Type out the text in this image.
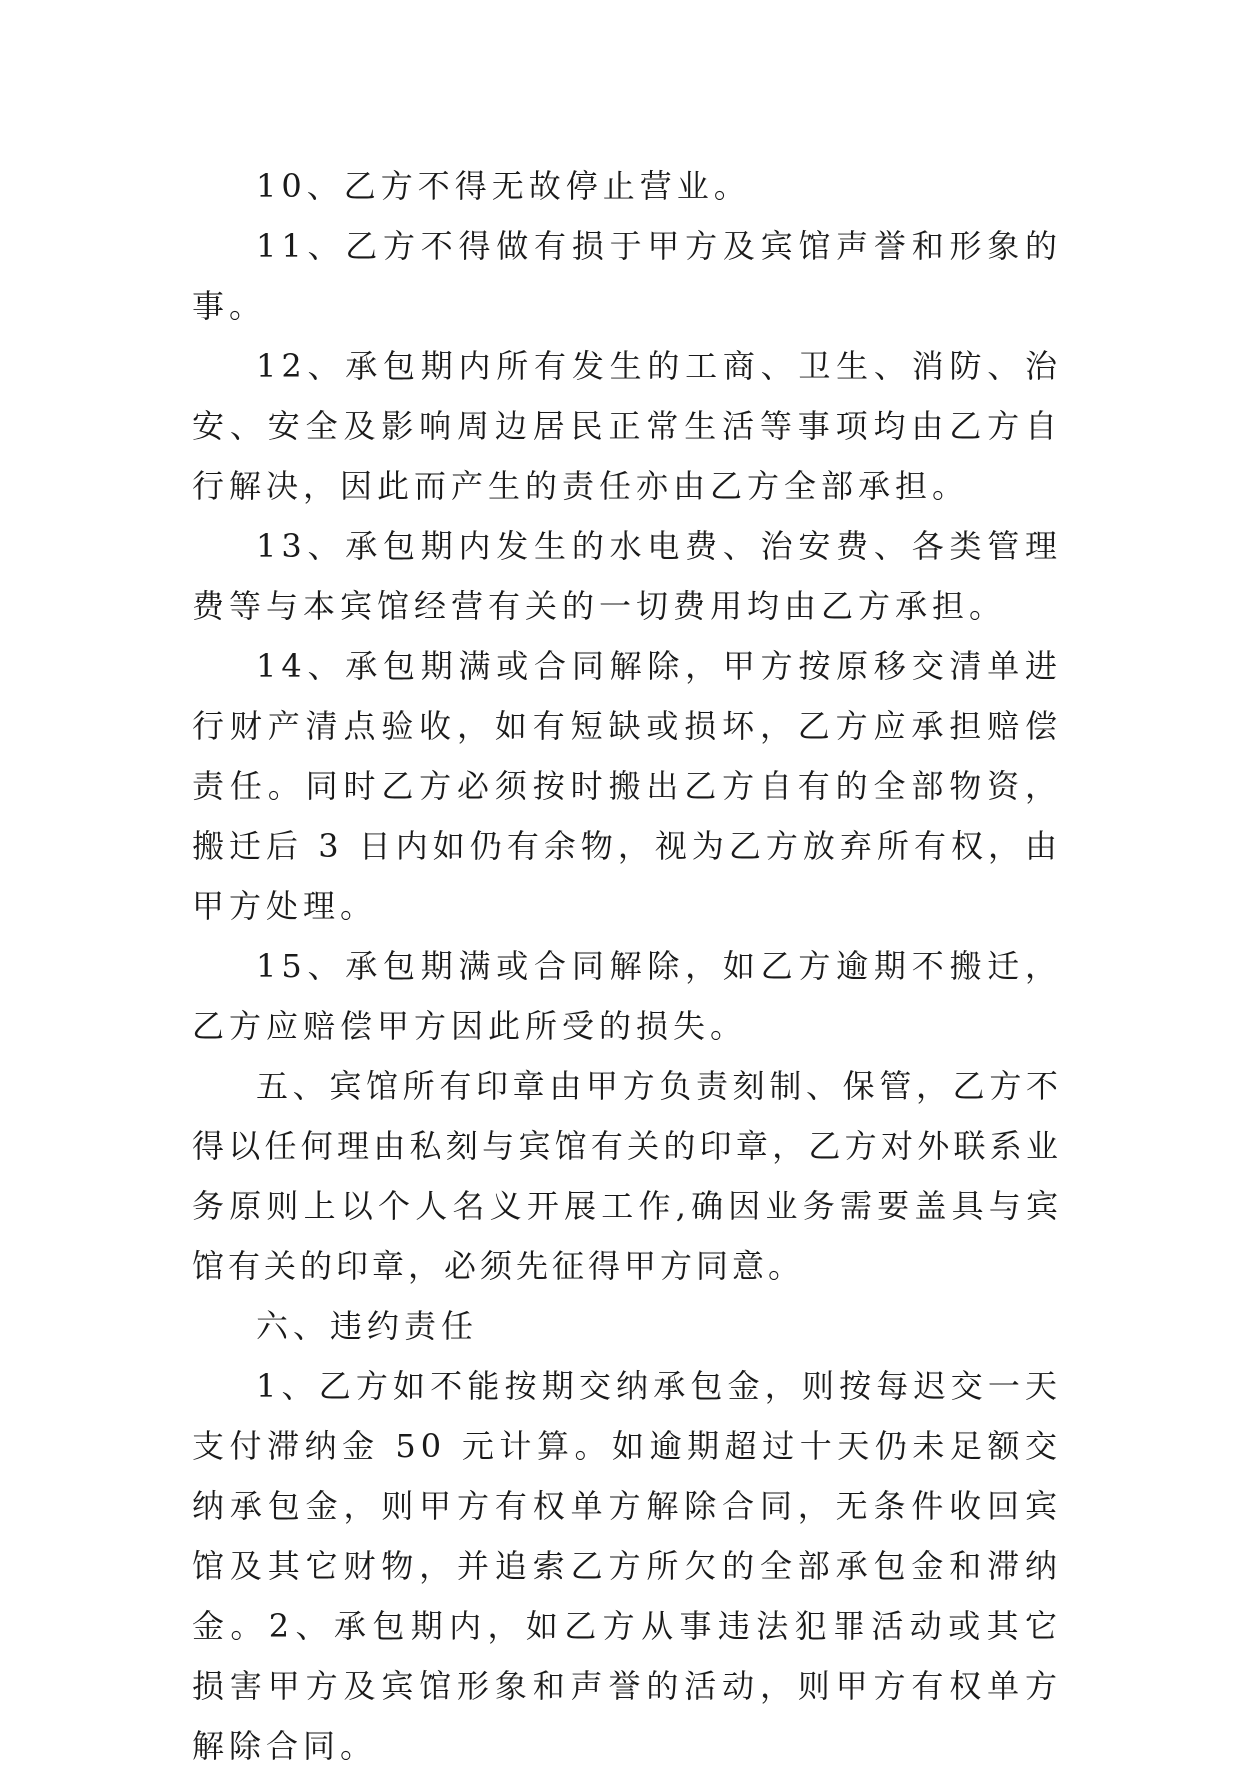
10、乙方不得无故停止营业。

11、乙方不得做有损于甲方及宾馆声誉和形象的事。

12、承包期内所有发生的工商、卫生、消防、治安、安全及影响周边居民正常生活等事项均由乙方自行解决，因此而产生的责任亦由乙方全部承担。

13、承包期内发生的水电费、治安费、各类管理费等与本宾馆经营有关的一切费用均由乙方承担。

14、承包期满或合同解除，甲方按原移交清单进行财产清点验收，如有短缺或损坏，乙方应承担赔偿责任。同时乙方必须按时搬出乙方自有的全部物资，搬迁后 3 日内如仍有余物，视为乙方放弃所有权，由甲方处理。

15、承包期满或合同解除，如乙方逾期不搬迁，乙方应赔偿甲方因此所受的损失。

五、宾馆所有印章由甲方负责刻制、保管，乙方不得以任何理由私刻与宾馆有关的印章，乙方对外联系业务原则上以个人名义开展工作,确因业务需要盖具与宾馆有关的印章，必须先征得甲方同意。

六、违约责任

1、乙方如不能按期交纳承包金，则按每迟交一天支付滞纳金 50 元计算。如逾期超过十天仍未足额交纳承包金，则甲方有权单方解除合同，无条件收回宾馆及其它财物，并追索乙方所欠的全部承包金和滞纳金。2、承包期内，如乙方从事违法犯罪活动或其它损害甲方及宾馆形象和声誉的活动，则甲方有权单方解除合同。
